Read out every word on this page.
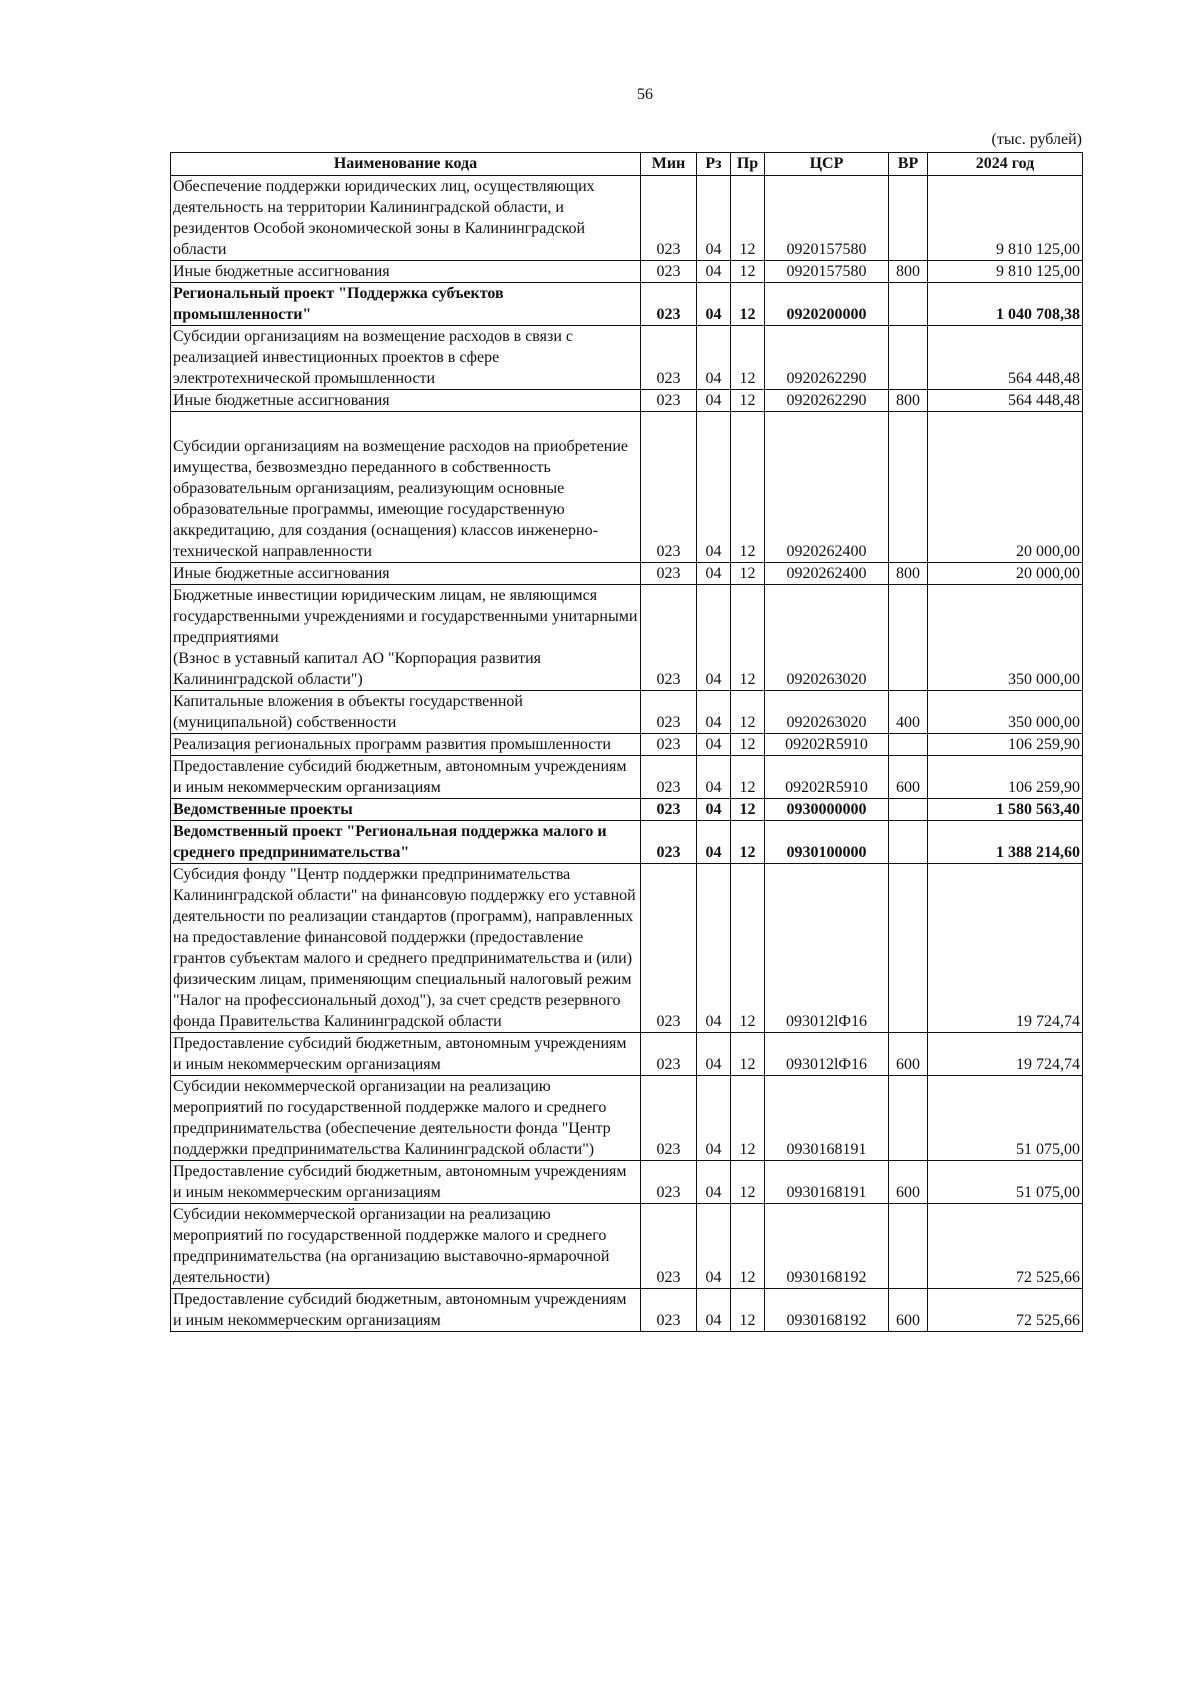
56
(тыс. рублей)
Наименование кода	Мин	Рз	Пр	ЦСР	ВР	2024 год
Обеспечение поддержки юридических лиц, осуществляющих деятельность на территории Калининградской области, и резидентов Особой экономической зоны в Калининградской области	023	04	12	0920157580		9 810 125,00
Иные бюджетные ассигнования	023	04	12	0920157580	800	9 810 125,00
Региональный проект "Поддержка субъектов промышленности"	023	04	12	0920200000		1 040 708,38
Субсидии организациям на возмещение расходов в связи с реализацией инвестиционных проектов в сфере электротехнической промышленности	023	04	12	0920262290		564 448,48
Иные бюджетные ассигнования	023	04	12	0920262290	800	564 448,48
Субсидии организациям на возмещение расходов на приобретение имущества, безвозмездно переданного в собственность образовательным организациям, реализующим основные образовательные программы, имеющие государственную аккредитацию, для создания (оснащения) классов инженерно-технической направленности	023	04	12	0920262400		20 000,00
Иные бюджетные ассигнования	023	04	12	0920262400	800	20 000,00
Бюджетные инвестиции юридическим лицам, не являющимся государственными учреждениями и государственными унитарными предприятиями
(Взнос в уставный капитал АО "Корпорация развития Калининградской области")	023	04	12	0920263020		350 000,00
Капитальные вложения в объекты государственной (муниципальной) собственности	023	04	12	0920263020	400	350 000,00
Реализация региональных программ развития промышленности	023	04	12	09202R5910		106 259,90
Предоставление субсидий бюджетным, автономным учреждениям и иным некоммерческим организациям	023	04	12	09202R5910	600	106 259,90
Ведомственные проекты	023	04	12	0930000000		1 580 563,40
Ведомственный проект "Региональная поддержка малого и среднего предпринимательства"	023	04	12	0930100000		1 388 214,60
Субсидия фонду "Центр поддержки предпринимательства Калининградской области" на финансовую поддержку его уставной деятельности по реализации стандартов (программ), направленных на предоставление финансовой поддержки (предоставление грантов субъектам малого и среднего предпринимательства и (или) физическим лицам, применяющим специальный налоговый режим "Налог на профессиональный доход"), за счет средств резервного фонда Правительства Калининградской области	023	04	12	093012lФ16		19 724,74
Предоставление субсидий бюджетным, автономным учреждениям и иным некоммерческим организациям	023	04	12	093012lФ16	600	19 724,74
Субсидии некоммерческой организации на реализацию мероприятий по государственной поддержке малого и среднего предпринимательства (обеспечение деятельности фонда "Центр поддержки предпринимательства Калининградской области")	023	04	12	0930168191		51 075,00
Предоставление субсидий бюджетным, автономным учреждениям и иным некоммерческим организациям	023	04	12	0930168191	600	51 075,00
Субсидии некоммерческой организации на реализацию мероприятий по государственной поддержке малого и среднего предпринимательства (на организацию выставочно-ярмарочной деятельности)	023	04	12	0930168192		72 525,66
Предоставление субсидий бюджетным, автономным учреждениям и иным некоммерческим организациям	023	04	12	0930168192	600	72 525,66
